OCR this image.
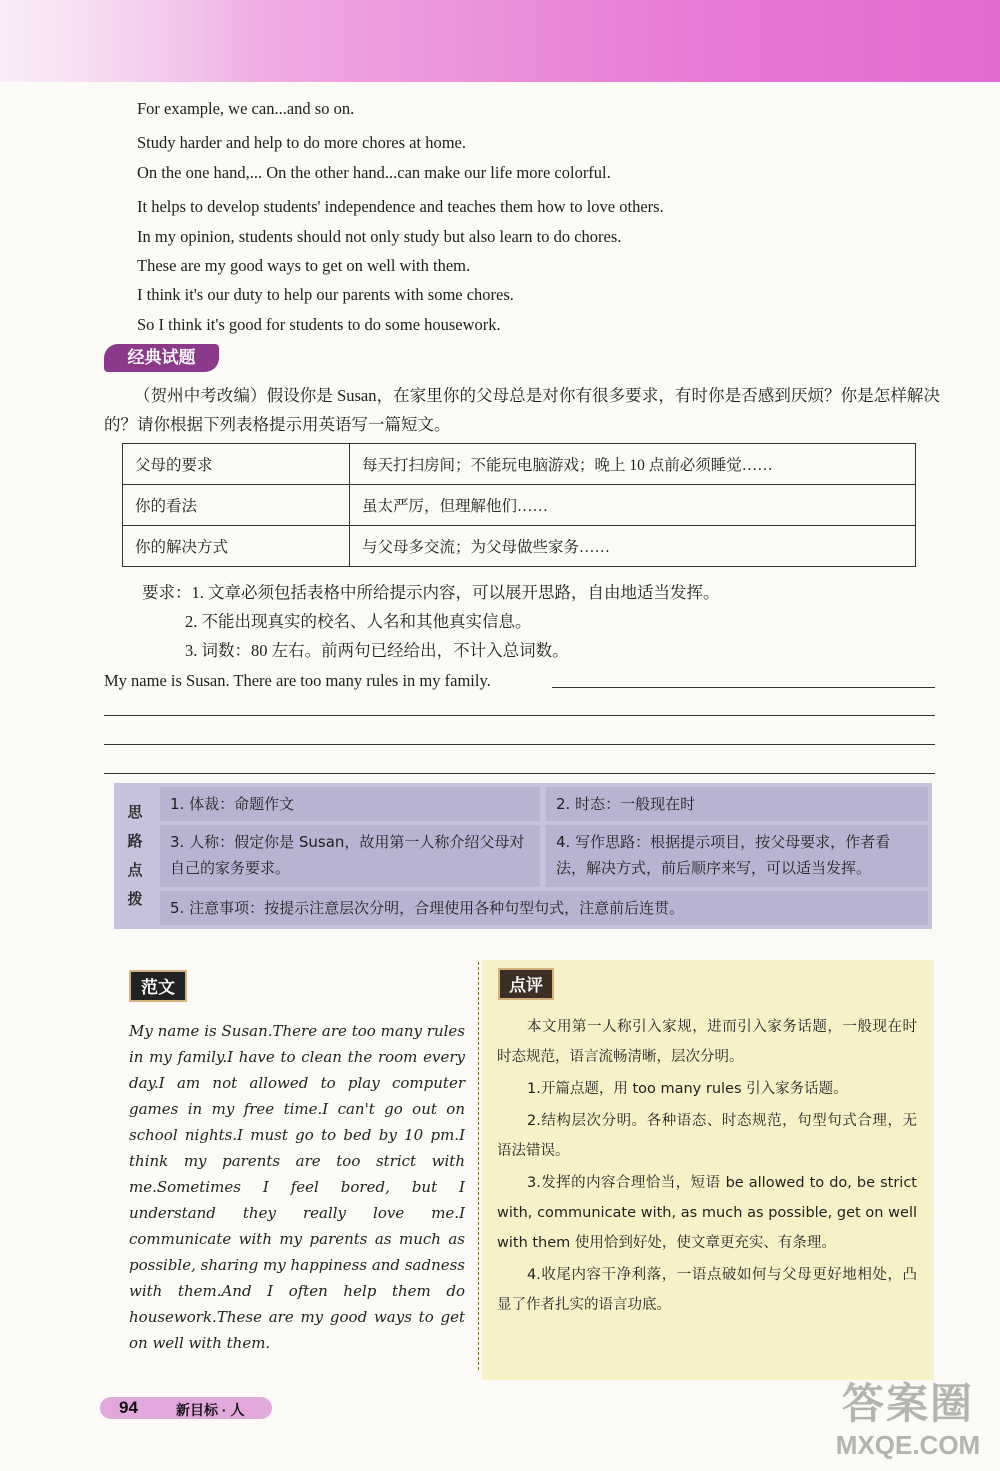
For example, we can...and so on.
Study harder and help to do more chores at home.
On the one hand,... On the other hand...can make our life more colorful.
It helps to develop students' independence and teaches them how to love others.
In my opinion, students should not only study but also learn to do chores.
These are my good ways to get on well with them.
I think it's our duty to help our parents with some chores.
So I think it's good for students to do some housework.
经典试题
（贺州中考改编）假设你是 Susan，在家里你的父母总是对你有很多要求，有时你是否感到厌烦？你是怎样解决的？请你根据下列表格提示用英语写一篇短文。
父母的要求	每天打扫房间；不能玩电脑游戏；晚上 10 点前必须睡觉……
你的看法	虽太严厉，但理解他们……
你的解决方式	与父母多交流；为父母做些家务……
要求：1. 文章必须包括表格中所给提示内容，可以展开思路，自由地适当发挥。
2. 不能出现真实的校名、人名和其他真实信息。
3. 词数：80 左右。前两句已经给出，不计入总词数。
My name is Susan. There are too many rules in my family.
思
路
点
拨
1. 体裁：命题作文	2. 时态：一般现在时
3. 人称：假定你是 Susan，故用第一人称介绍父母对自己的家务要求。
4. 写作思路：根据提示项目，按父母要求，作者看法，解决方式，前后顺序来写，可以适当发挥。
5. 注意事项：按提示注意层次分明，合理使用各种句型句式，注意前后连贯。
范文
My name is Susan.There are too many rules in my family.I have to clean the room every day.I am not allowed to play computer games in my free time.I can't go out on school nights.I must go to bed by 10 pm.I think my parents are too strict with me.Sometimes I feel bored, but I understand they really love me.I communicate with my parents as much as possible, sharing my happiness and sadness with them.And I often help them do housework.These are my good ways to get on well with them.
点评

本文用第一人称引入家规，进而引入家务话题，一般现在时时态规范，语言流畅清晰，层次分明。

1.开篇点题，用 too many rules 引入家务话题。

2.结构层次分明。各种语态、时态规范，句型句式合理，无语法错误。

3.发挥的内容合理恰当，短语 be allowed to do, be strict with, communicate with, as much as possible, get on well with them 使用恰到好处，使文章更充实、有条理。

4.收尾内容干净利落，一语点破如何与父母更好地相处，凸显了作者扎实的语言功底。

94	新目标 · 人	答案圈
MXQE.COM
